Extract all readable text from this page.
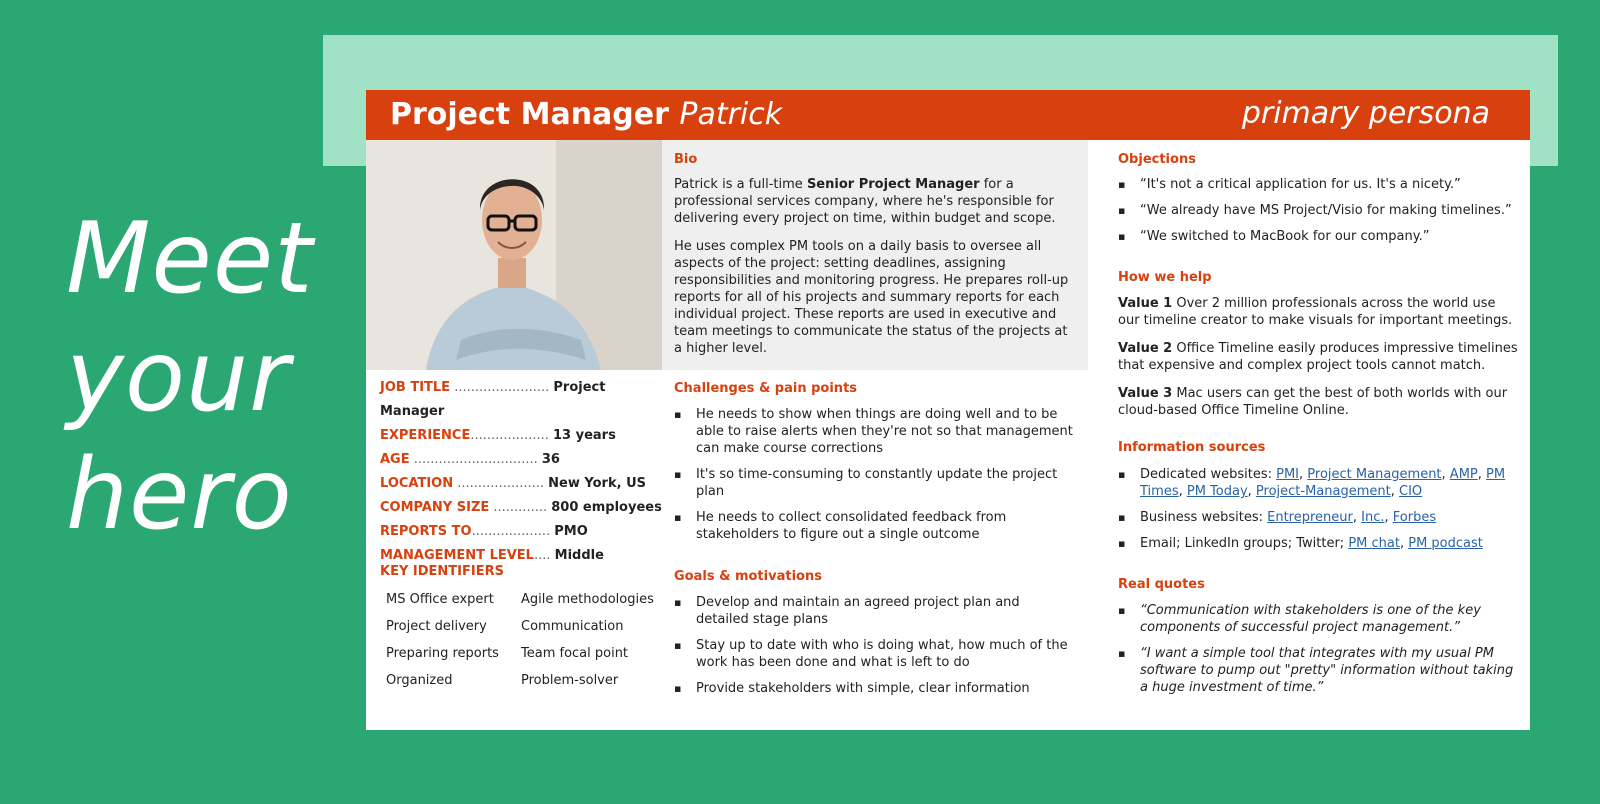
Meet
your
hero
Project Manager Patrick	primary persona
Bio
Patrick is a full-time Senior Project Manager for a professional services company, where he's responsible for delivering every project on time, within budget and scope.
He uses complex PM tools on a daily basis to oversee all aspects of the project: setting deadlines, assigning responsibilities and monitoring progress. He prepares roll-up reports for all of his projects and summary reports for each individual project. These reports are used in executive and team meetings to communicate the status of the projects at a higher level.
JOB TITLE ....................... Project Manager
EXPERIENCE................... 13 years
AGE .............................. 36
LOCATION ..................... New York, US
COMPANY SIZE ............. 800 employees
REPORTS TO................... PMO
MANAGEMENT LEVEL.... Middle
KEY IDENTIFIERS
MS Office expert
Project delivery
Preparing reports
Organized
Agile methodologies
Communication
Team focal point
Problem-solver
Challenges & pain points
▪ He needs to show when things are doing well and to be able to raise alerts when they're not so that management can make course corrections
▪ It's so time-consuming to constantly update the project plan
▪ He needs to collect consolidated feedback from stakeholders to figure out a single outcome
Goals & motivations
▪ Develop and maintain an agreed project plan and detailed stage plans
▪ Stay up to date with who is doing what, how much of the work has been done and what is left to do
▪ Provide stakeholders with simple, clear information
Objections
▪ “It's not a critical application for us. It's a nicety.”
▪ “We already have MS Project/Visio for making timelines.”
▪ “We switched to MacBook for our company.”
How we help
Value 1 Over 2 million professionals across the world use our timeline creator to make visuals for important meetings.
Value 2 Office Timeline easily produces impressive timelines that expensive and complex project tools cannot match.
Value 3 Mac users can get the best of both worlds with our cloud-based Office Timeline Online.
Information sources
▪ Dedicated websites: PMI, Project Management, AMP, PM Times, PM Today, Project-Management, CIO
▪ Business websites: Entrepreneur, Inc., Forbes
▪ Email; LinkedIn groups; Twitter; PM chat, PM podcast
Real quotes
▪ “Communication with stakeholders is one of the key components of successful project management.”
▪ “I want a simple tool that integrates with my usual PM software to pump out "pretty" information without taking a huge investment of time.”
